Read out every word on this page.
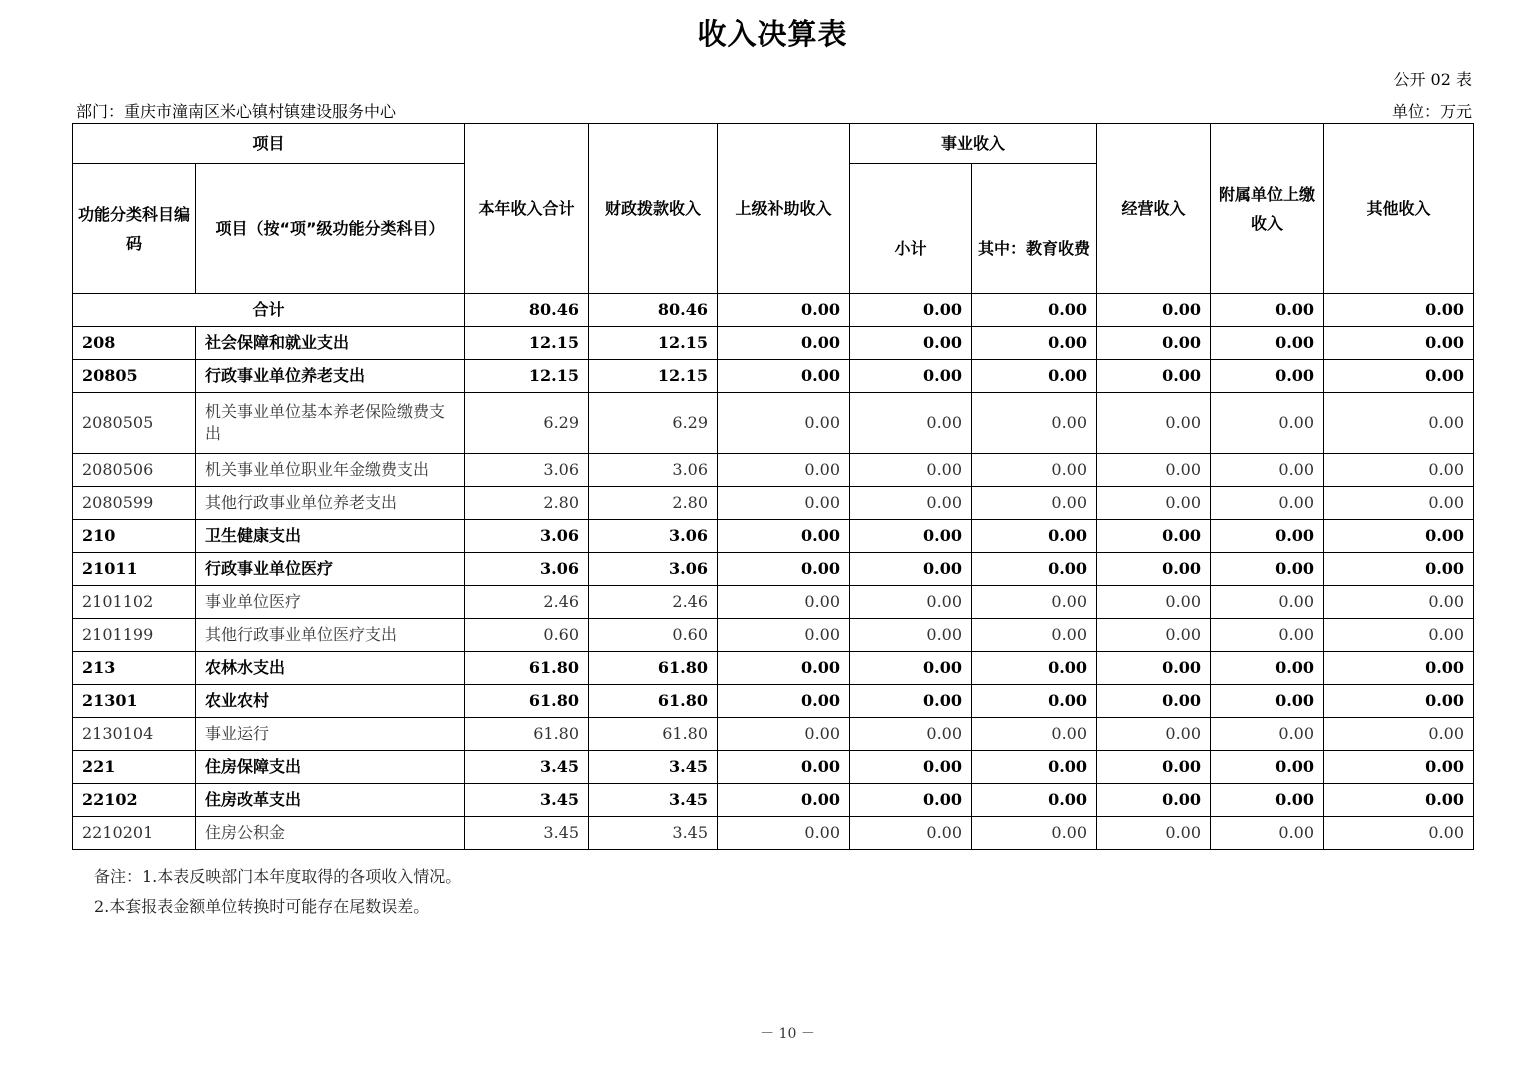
收入决算表
公开 02 表
部门：重庆市潼南区米心镇村镇建设服务中心	单位：万元
项目		本年收入合计	财政拨款收入	上级补助收入	事业收入		经营收入	附属单位上缴收入	其他收入
功能分类科目编码	项目（按“项”级功能分类科目）				小计	其中：教育收费			
合计		80.46	80.46	0.00	0.00	0.00	0.00	0.00	0.00
208	社会保障和就业支出	12.15	12.15	0.00	0.00	0.00	0.00	0.00	0.00
20805	行政事业单位养老支出	12.15	12.15	0.00	0.00	0.00	0.00	0.00	0.00
2080505	机关事业单位基本养老保险缴费支出	6.29	6.29	0.00	0.00	0.00	0.00	0.00	0.00
2080506	机关事业单位职业年金缴费支出	3.06	3.06	0.00	0.00	0.00	0.00	0.00	0.00
2080599	其他行政事业单位养老支出	2.80	2.80	0.00	0.00	0.00	0.00	0.00	0.00
210	卫生健康支出	3.06	3.06	0.00	0.00	0.00	0.00	0.00	0.00
21011	行政事业单位医疗	3.06	3.06	0.00	0.00	0.00	0.00	0.00	0.00
2101102	事业单位医疗	2.46	2.46	0.00	0.00	0.00	0.00	0.00	0.00
2101199	其他行政事业单位医疗支出	0.60	0.60	0.00	0.00	0.00	0.00	0.00	0.00
213	农林水支出	61.80	61.80	0.00	0.00	0.00	0.00	0.00	0.00
21301	农业农村	61.80	61.80	0.00	0.00	0.00	0.00	0.00	0.00
2130104	事业运行	61.80	61.80	0.00	0.00	0.00	0.00	0.00	0.00
221	住房保障支出	3.45	3.45	0.00	0.00	0.00	0.00	0.00	0.00
22102	住房改革支出	3.45	3.45	0.00	0.00	0.00	0.00	0.00	0.00
2210201	住房公积金	3.45	3.45	0.00	0.00	0.00	0.00	0.00	0.00
备注：1.本表反映部门本年度取得的各项收入情况。
2.本套报表金额单位转换时可能存在尾数误差。
－ 10 －
